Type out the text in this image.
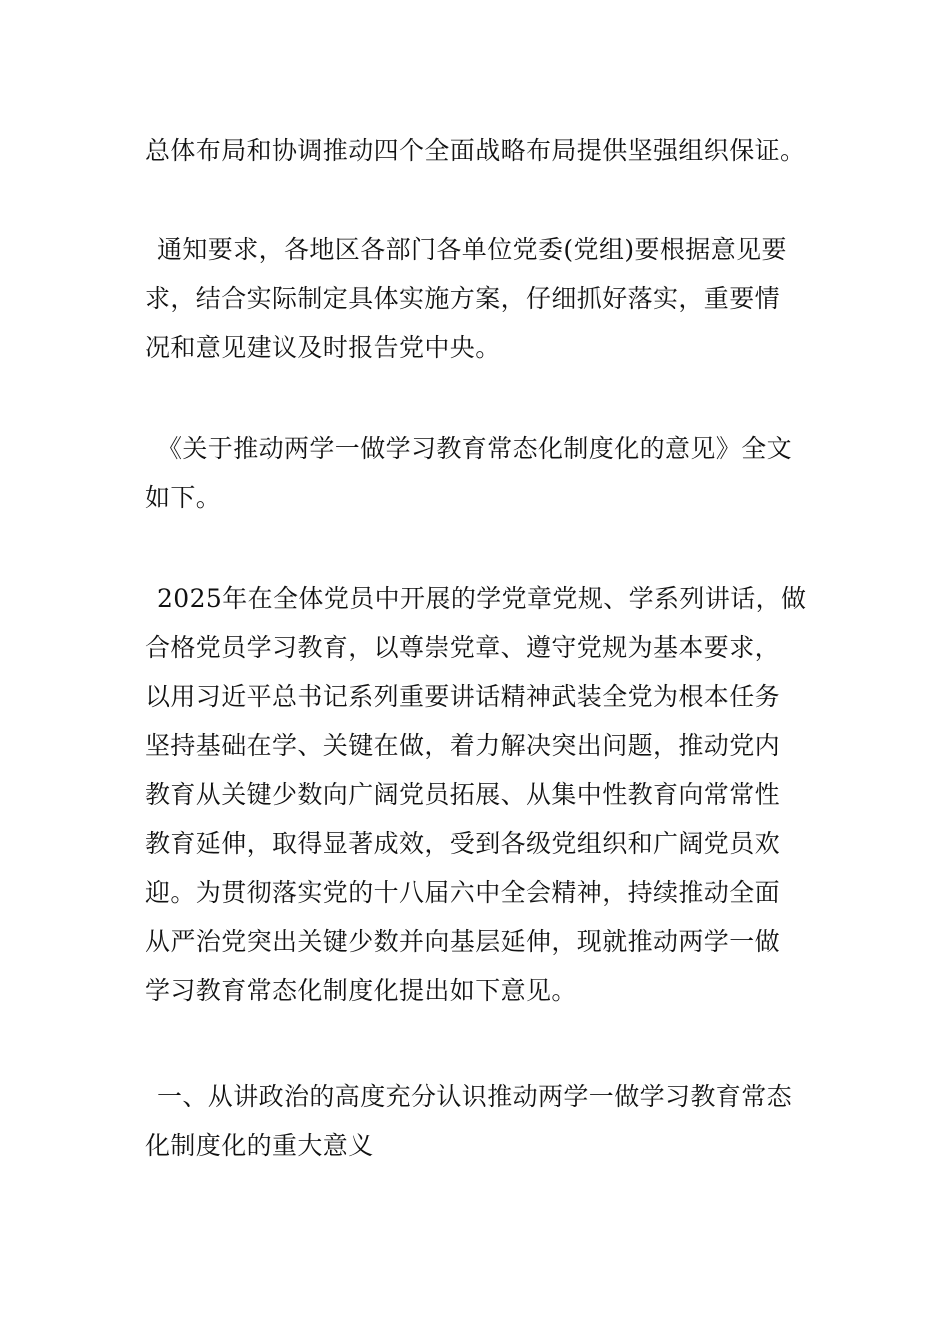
总体布局和协调推动四个全面战略布局提供坚强组织保证。

通知要求，各地区各部门各单位党委(党组)要根据意见要
求，结合实际制定具体实施方案，仔细抓好落实，重要情
况和意见建议及时报告党中央。

《关于推动两学一做学习教育常态化制度化的意见》全文
如下。

2025年在全体党员中开展的学党章党规、学系列讲话，做
合格党员学习教育，以尊崇党章、遵守党规为基本要求，
以用习近平总书记系列重要讲话精神武装全党为根本任务
坚持基础在学、关键在做，着力解决突出问题，推动党内
教育从关键少数向广阔党员拓展、从集中性教育向常常性
教育延伸，取得显著成效，受到各级党组织和广阔党员欢
迎。为贯彻落实党的十八届六中全会精神，持续推动全面
从严治党突出关键少数并向基层延伸，现就推动两学一做
学习教育常态化制度化提出如下意见。

一、从讲政治的高度充分认识推动两学一做学习教育常态
化制度化的重大意义
